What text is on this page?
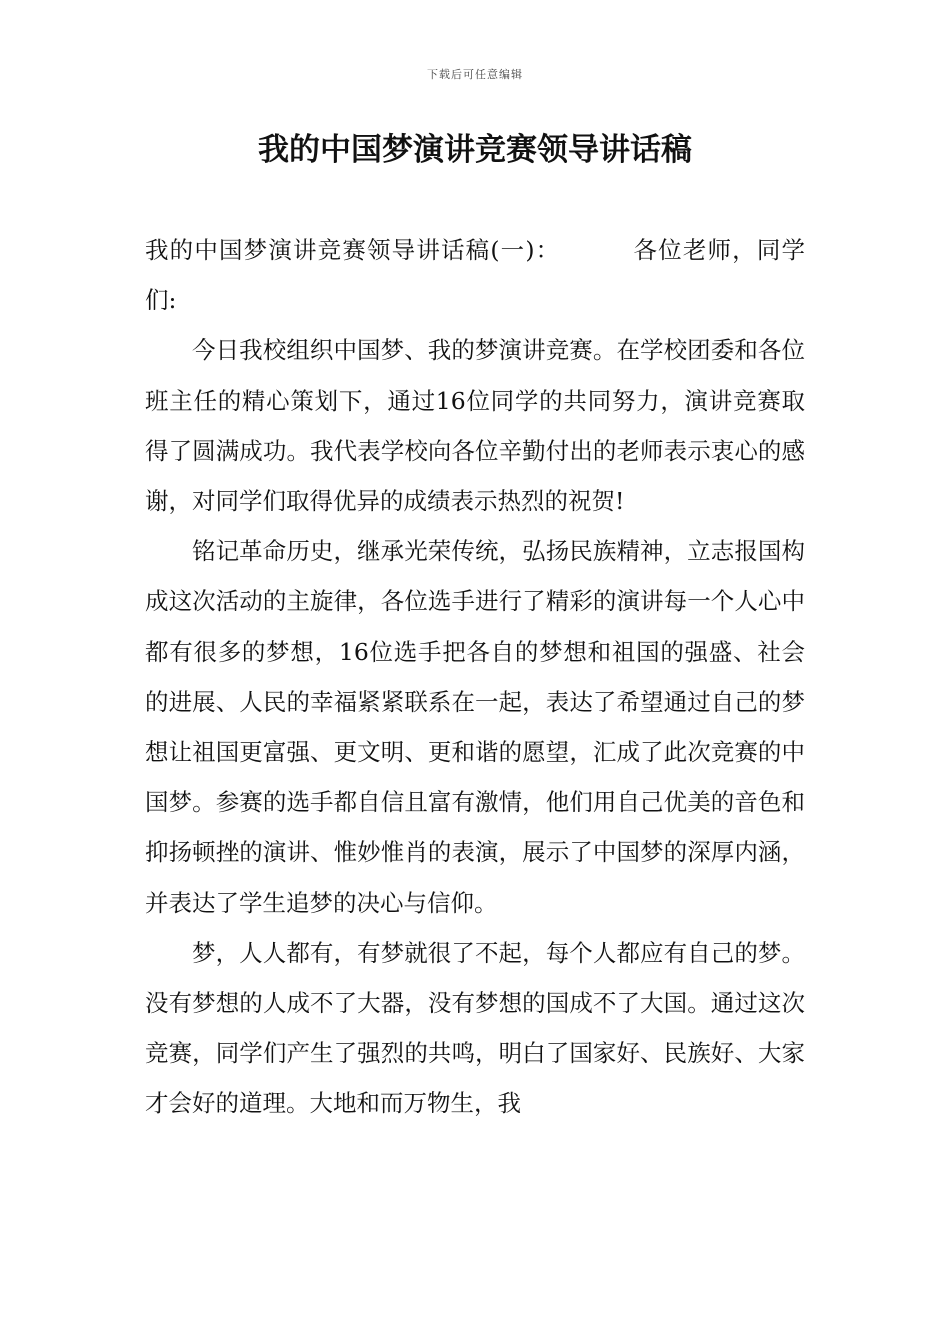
下载后可任意编辑
我的中国梦演讲竞赛领导讲话稿

我的中国梦演讲竞赛领导讲话稿(一)：	各位老师，同学们:

今日我校组织中国梦、我的梦演讲竞赛。在学校团委和各位班主任的精心策划下，通过16位同学的共同努力，演讲竞赛取得了圆满成功。我代表学校向各位辛勤付出的老师表示衷心的感谢，对同学们取得优异的成绩表示热烈的祝贺!

铭记革命历史，继承光荣传统，弘扬民族精神，立志报国构成这次活动的主旋律，各位选手进行了精彩的演讲每一个人心中都有很多的梦想，16位选手把各自的梦想和祖国的强盛、社会的进展、人民的幸福紧紧联系在一起，表达了希望通过自己的梦想让祖国更富强、更文明、更和谐的愿望，汇成了此次竞赛的中国梦。参赛的选手都自信且富有激情，他们用自己优美的音色和抑扬顿挫的演讲、惟妙惟肖的表演，展示了中国梦的深厚内涵，并表达了学生追梦的决心与信仰。

梦，人人都有，有梦就很了不起，每个人都应有自己的梦。没有梦想的人成不了大器，没有梦想的国成不了大国。通过这次竞赛，同学们产生了强烈的共鸣，明白了国家好、民族好、大家才会好的道理。大地和而万物生，我
